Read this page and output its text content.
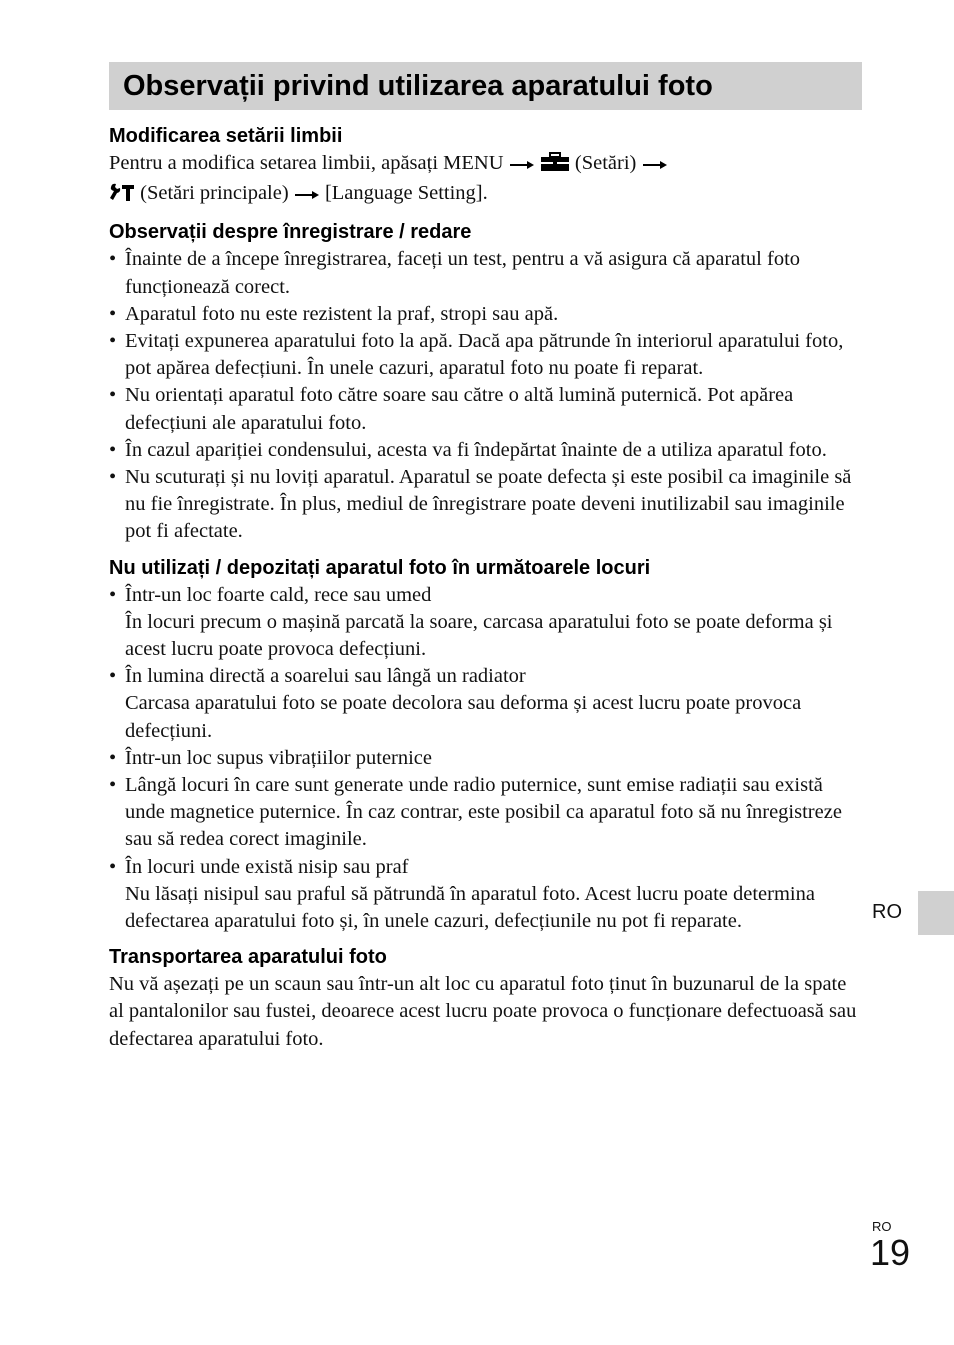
Observații privind utilizarea aparatului foto
Modificarea setării limbii

Pentru a modifica setarea limbii, apăsați MENU	(Setări)
(Setări principale) [Language Setting].

Observații despre înregistrare / redare
• Înainte de a începe înregistrarea, faceți un test, pentru a vă asigura că aparatul foto funcționează corect.
• Aparatul foto nu este rezistent la praf, stropi sau apă.
• Evitați expunerea aparatului foto la apă. Dacă apa pătrunde în interiorul aparatului foto, pot apărea defecțiuni. În unele cazuri, aparatul foto nu poate fi reparat.
• Nu orientați aparatul foto către soare sau către o altă lumină puternică. Pot apărea defecțiuni ale aparatului foto.
• În cazul apariției condensului, acesta va fi îndepărtat înainte de a utiliza aparatul foto.
• Nu scuturați și nu loviți aparatul. Aparatul se poate defecta și este posibil ca imaginile să nu fie înregistrate. În plus, mediul de înregistrare poate deveni inutilizabil sau imaginile pot fi afectate.
Nu utilizați / depozitați aparatul foto în următoarele locuri
• Într-un loc foarte cald, rece sau umed
În locuri precum o mașină parcată la soare, carcasa aparatului foto se poate deforma și acest lucru poate provoca defecțiuni.
• În lumina directă a soarelui sau lângă un radiator
Carcasa aparatului foto se poate decolora sau deforma și acest lucru poate provoca defecțiuni.
• Într-un loc supus vibrațiilor puternice
• Lângă locuri în care sunt generate unde radio puternice, sunt emise radiații sau există unde magnetice puternice. În caz contrar, este posibil ca aparatul foto să nu înregistreze sau să redea corect imaginile.
• În locuri unde există nisip sau praf
Nu lăsați nisipul sau praful să pătrundă în aparatul foto. Acest lucru poate determina defectarea aparatului foto și, în unele cazuri, defecțiunile nu pot fi reparate.
Transportarea aparatului foto

Nu vă așezați pe un scaun sau într-un alt loc cu aparatul foto ținut în buzunarul de la spate al pantalonilor sau fustei, deoarece acest lucru poate provoca o funcționare defectuoasă sau defectarea aparatului foto.

RO
RO
19
